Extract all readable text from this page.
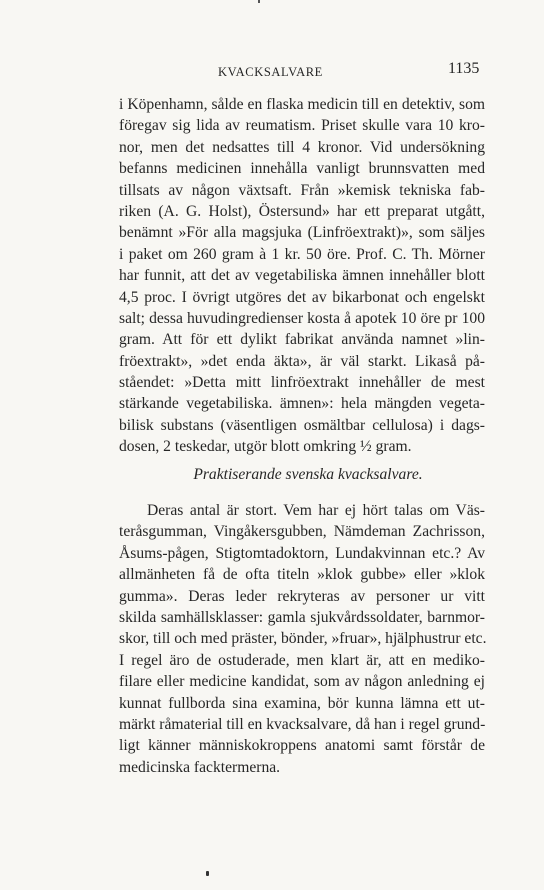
KVACKSALVARE	1135
i Köpenhamn, sålde en flaska medicin till en detektiv, som
föregav sig lida av reumatism. Priset skulle vara 10 kro-
nor, men det nedsattes till 4 kronor. Vid undersökning
befanns medicinen innehålla vanligt brunnsvatten med
tillsats av någon växtsaft. Från »kemisk tekniska fab-
riken (A. G. Holst), Östersund» har ett preparat utgått,
benämnt »För alla magsjuka (Linfröextrakt)», som säljes
i paket om 260 gram à 1 kr. 50 öre. Prof. C. Th. Mörner
har funnit, att det av vegetabiliska ämnen innehåller blott
4,5 proc. I övrigt utgöres det av bikarbonat och engelskt
salt; dessa huvudingredienser kosta å apotek 10 öre pr 100
gram. Att för ett dylikt fabrikat använda namnet »lin-
fröextrakt», »det enda äkta», är väl starkt. Likaså på-
ståendet: »Detta mitt linfröextrakt innehåller de mest
stärkande vegetabiliska. ämnen»: hela mängden vegeta-
bilisk substans (väsentligen osmältbar cellulosa) i dags-
dosen, 2 teskedar, utgör blott omkring ½ gram.
Praktiserande svenska kvacksalvare.
Deras antal är stort. Vem har ej hört talas om Väs-
teråsgumman, Vingåkersgubben, Nämdeman Zachrisson,
Åsums-pågen, Stigtomtadoktorn, Lundakvinnan etc.? Av
allmänheten få de ofta titeln »klok gubbe» eller »klok
gumma». Deras leder rekryteras av personer ur vitt
skilda samhällsklasser: gamla sjukvårdssoldater, barnmor-
skor, till och med präster, bönder, »fruar», hjälphustrur etc.
I regel äro de ostuderade, men klart är, att en mediko-
filare eller medicine kandidat, som av någon anledning ej
kunnat fullborda sina examina, bör kunna lämna ett ut-
märkt råmaterial till en kvacksalvare, då han i regel grund-
ligt känner människokroppens anatomi samt förstår de
medicinska facktermerna.
